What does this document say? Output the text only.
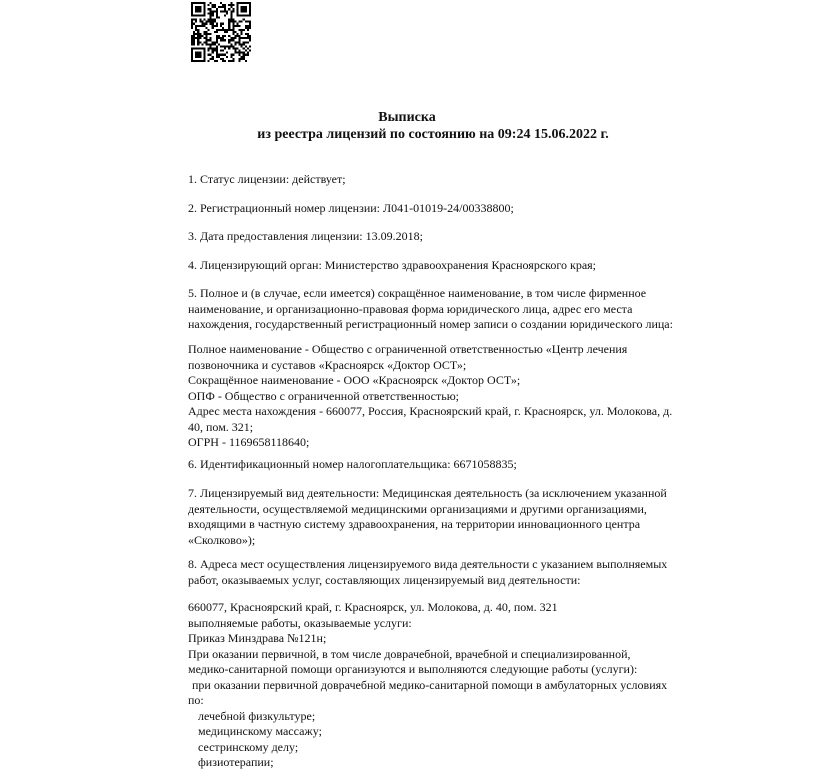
Выписка
из реестра лицензий по состоянию на 09:24 15.06.2022 г.
1. Статус лицензии: действует;
2. Регистрационный номер лицензии: Л041-01019-24/00338800;
3. Дата предоставления лицензии: 13.09.2018;
4. Лицензирующий орган: Министерство здравоохранения Красноярского края;
5. Полное и (в случае, если имеется) сокращённое наименование, в том числе фирменное
наименование, и организационно-правовая форма юридического лица, адрес его места
нахождения, государственный регистрационный номер записи о создании юридического лица:
Полное наименование - Общество с ограниченной ответственностью «Центр лечения
позвоночника и суставов «Красноярск «Доктор ОСТ»;
Сокращённое наименование - ООО «Красноярск «Доктор ОСТ»;
ОПФ - Общество с ограниченной ответственностью;
Адрес места нахождения - 660077, Россия, Красноярский край, г. Красноярск, ул. Молокова, д.
40, пом. 321;
ОГРН - 1169658118640;
6. Идентификационный номер налогоплательщика: 6671058835;
7. Лицензируемый вид деятельности: Медицинская деятельность (за исключением указанной
деятельности, осуществляемой медицинскими организациями и другими организациями,
входящими в частную систему здравоохранения, на территории инновационного центра
«Сколково»);
8. Адреса мест осуществления лицензируемого вида деятельности с указанием выполняемых
работ, оказываемых услуг, составляющих лицензируемый вид деятельности:
660077, Красноярский край, г. Красноярск, ул. Молокова, д. 40, пом. 321
выполняемые работы, оказываемые услуги:
Приказ Минздрава №121н;
При оказании первичной, в том числе доврачебной, врачебной и специализированной,
медико-санитарной помощи организуются и выполняются следующие работы (услуги):
при оказании первичной доврачебной медико-санитарной помощи в амбулаторных условиях
по:
лечебной физкультуре;
медицинскому массажу;
сестринскому делу;
физиотерапии;
